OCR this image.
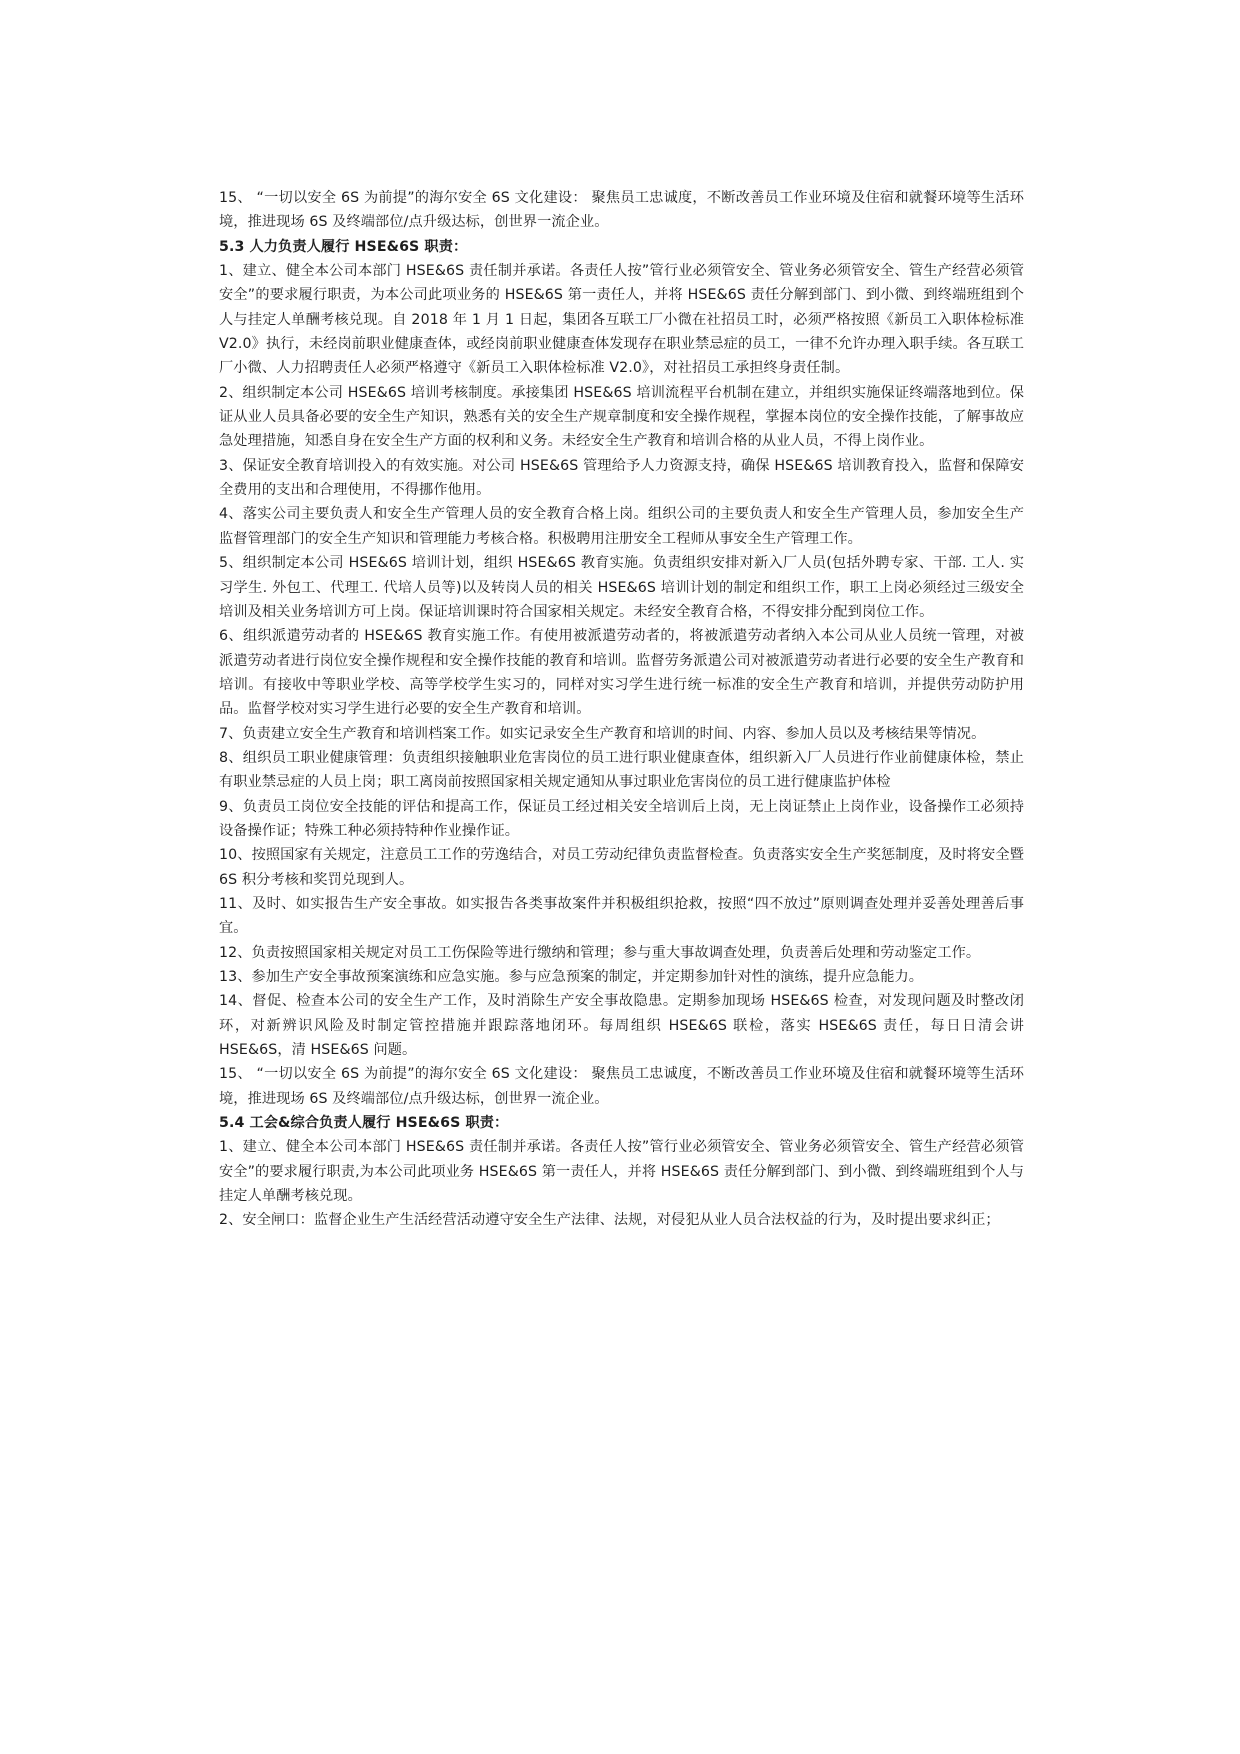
15、 “一切以安全 6S 为前提”的海尔安全 6S 文化建设： 聚焦员工忠诚度，不断改善员工作业环境及住宿和就餐环境等生活环境，推进现场 6S 及终端部位/点升级达标，创世界一流企业。

5.3 人力负责人履行 HSE&6S 职责：

1、建立、健全本公司本部门 HSE&6S 责任制并承诺。各责任人按”管行业必须管安全、管业务必须管安全、管生产经营必须管安全”的要求履行职责，为本公司此项业务的 HSE&6S 第一责任人，并将 HSE&6S 责任分解到部门、到小微、到终端班组到个人与挂定人单酬考核兑现。自 2018 年 1 月 1 日起，集团各互联工厂小微在社招员工时，必须严格按照《新员工入职体检标准 V2.0》执行，未经岗前职业健康查体，或经岗前职业健康查体发现存在职业禁忌症的员工，一律不允许办理入职手续。各互联工厂小微、人力招聘责任人必须严格遵守《新员工入职体检标准 V2.0》，对社招员工承担终身责任制。

2、组织制定本公司 HSE&6S 培训考核制度。承接集团 HSE&6S 培训流程平台机制在建立，并组织实施保证终端落地到位。保证从业人员具备必要的安全生产知识，熟悉有关的安全生产规章制度和安全操作规程，掌握本岗位的安全操作技能，了解事故应急处理措施，知悉自身在安全生产方面的权利和义务。未经安全生产教育和培训合格的从业人员，不得上岗作业。

3、保证安全教育培训投入的有效实施。对公司 HSE&6S 管理给予人力资源支持，确保 HSE&6S 培训教育投入，监督和保障安全费用的支出和合理使用，不得挪作他用。

4、落实公司主要负责人和安全生产管理人员的安全教育合格上岗。组织公司的主要负责人和安全生产管理人员，参加安全生产监督管理部门的安全生产知识和管理能力考核合格。积极聘用注册安全工程师从事安全生产管理工作。

5、组织制定本公司 HSE&6S 培训计划，组织 HSE&6S 教育实施。负责组织安排对新入厂人员(包括外聘专家、干部. 工人. 实习学生. 外包工、代理工. 代培人员等)以及转岗人员的相关 HSE&6S 培训计划的制定和组织工作，职工上岗必须经过三级安全培训及相关业务培训方可上岗。保证培训课时符合国家相关规定。未经安全教育合格，不得安排分配到岗位工作。

6、组织派遣劳动者的 HSE&6S 教育实施工作。有使用被派遣劳动者的，将被派遣劳动者纳入本公司从业人员统一管理，对被派遣劳动者进行岗位安全操作规程和安全操作技能的教育和培训。监督劳务派遣公司对被派遣劳动者进行必要的安全生产教育和培训。有接收中等职业学校、高等学校学生实习的，同样对实习学生进行统一标准的安全生产教育和培训，并提供劳动防护用品。监督学校对实习学生进行必要的安全生产教育和培训。

7、负责建立安全生产教育和培训档案工作。如实记录安全生产教育和培训的时间、内容、参加人员以及考核结果等情况。

8、组织员工职业健康管理：负责组织接触职业危害岗位的员工进行职业健康查体，组织新入厂人员进行作业前健康体检，禁止有职业禁忌症的人员上岗；职工离岗前按照国家相关规定通知从事过职业危害岗位的员工进行健康监护体检

9、负责员工岗位安全技能的评估和提高工作，保证员工经过相关安全培训后上岗，无上岗证禁止上岗作业，设备操作工必须持设备操作证；特殊工种必须持特种作业操作证。

10、按照国家有关规定，注意员工工作的劳逸结合，对员工劳动纪律负责监督检查。负责落实安全生产奖惩制度，及时将安全暨 6S 积分考核和奖罚兑现到人。

11、及时、如实报告生产安全事故。如实报告各类事故案件并积极组织抢救，按照“四不放过”原则调查处理并妥善处理善后事宜。

12、负责按照国家相关规定对员工工伤保险等进行缴纳和管理；参与重大事故调查处理，负责善后处理和劳动鉴定工作。

13、参加生产安全事故预案演练和应急实施。参与应急预案的制定，并定期参加针对性的演练，提升应急能力。

14、督促、检查本公司的安全生产工作，及时消除生产安全事故隐患。定期参加现场 HSE&6S 检查，对发现问题及时整改闭环，对新辨识风险及时制定管控措施并跟踪落地闭环。每周组织 HSE&6S 联检，落实 HSE&6S 责任，每日日清会讲 HSE&6S，清 HSE&6S 问题。

15、 “一切以安全 6S 为前提”的海尔安全 6S 文化建设： 聚焦员工忠诚度，不断改善员工作业环境及住宿和就餐环境等生活环境，推进现场 6S 及终端部位/点升级达标，创世界一流企业。

5.4 工会&综合负责人履行 HSE&6S 职责：

1、建立、健全本公司本部门 HSE&6S 责任制并承诺。各责任人按”管行业必须管安全、管业务必须管安全、管生产经营必须管安全”的要求履行职责,为本公司此项业务 HSE&6S 第一责任人，并将 HSE&6S 责任分解到部门、到小微、到终端班组到个人与挂定人单酬考核兑现。

2、安全闸口：监督企业生产生活经营活动遵守安全生产法律、法规，对侵犯从业人员合法权益的行为，及时提出要求纠正；
